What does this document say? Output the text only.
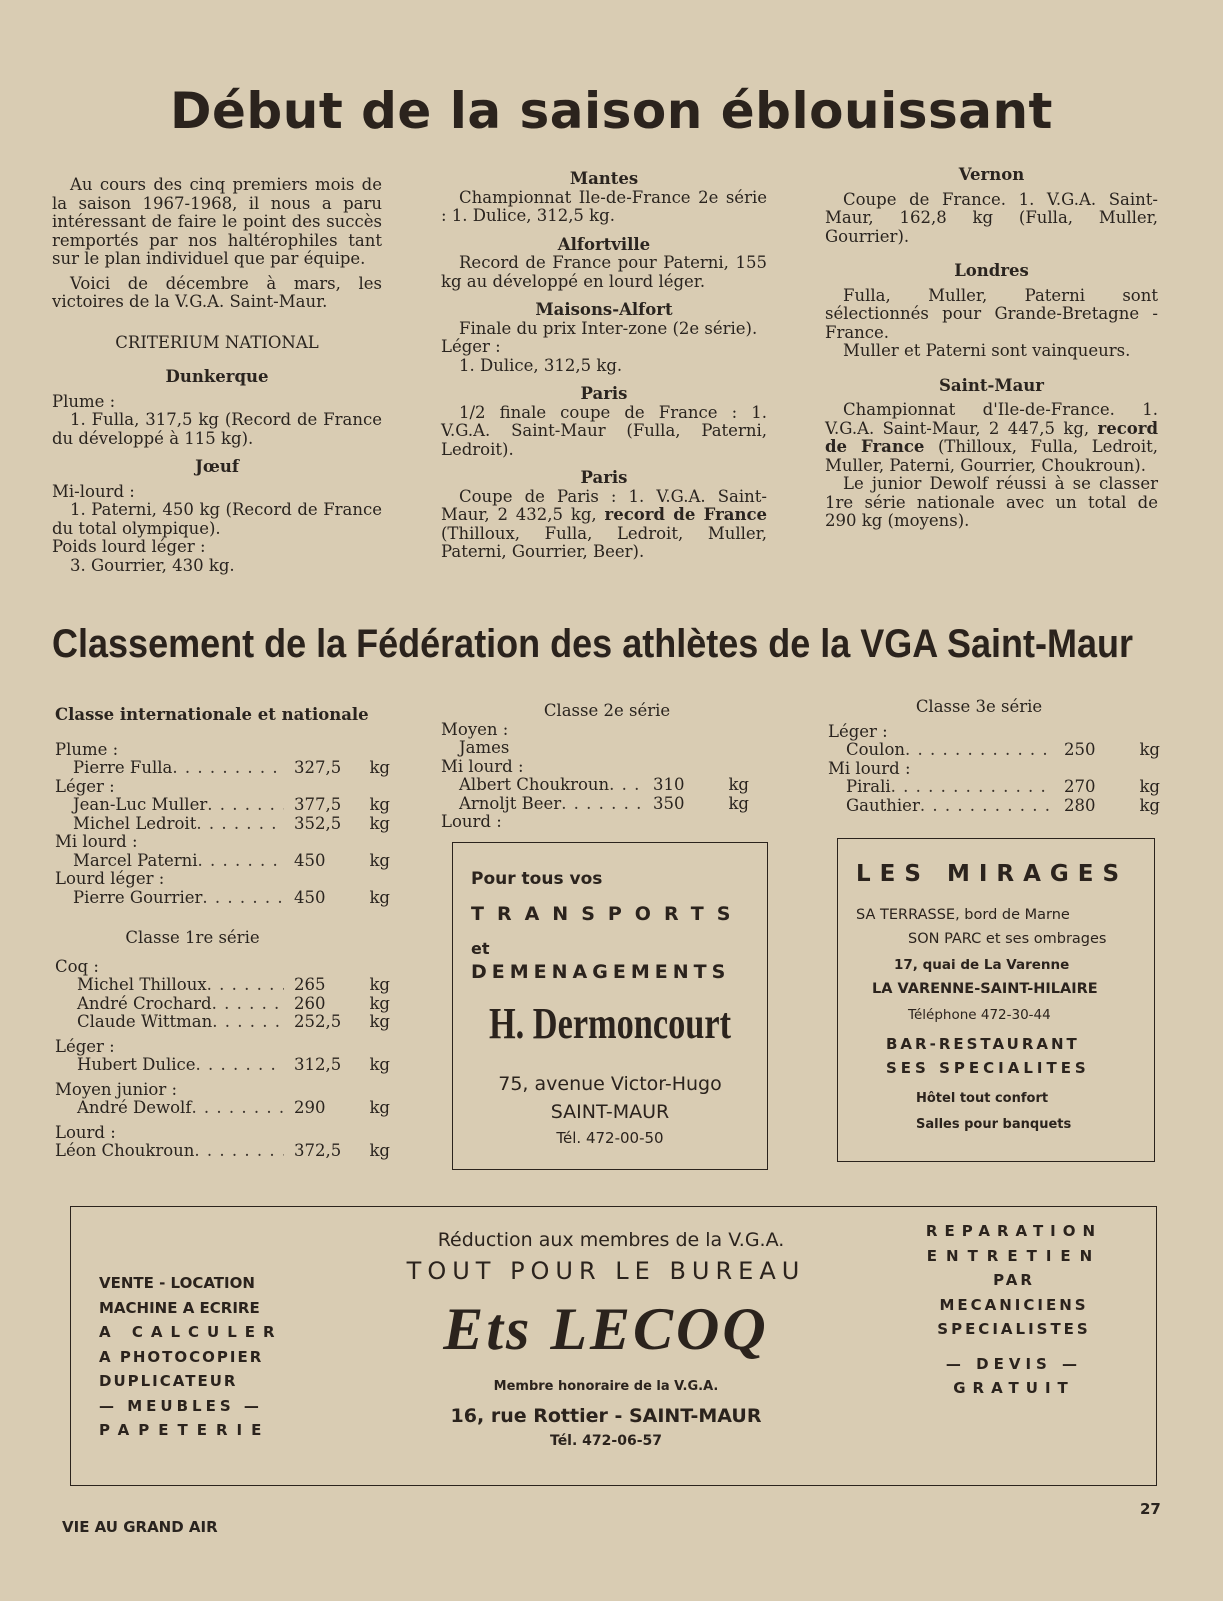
Début de la saison éblouissant

Au cours des cinq premiers mois de la saison 1967-1968, il nous a paru intéressant de faire le point des succès remportés par nos haltérophiles tant sur le plan individuel que par équipe.

Voici de décembre à mars, les victoires de la V.G.A. Saint-Maur.

CRITERIUM NATIONAL

Dunkerque

Plume :

1. Fulla, 317,5 kg (Record de France du développé à 115 kg).

Jœuf

Mi-lourd :

1. Paterni, 450 kg (Record de France du total olympique).

Poids lourd léger :

3. Gourrier, 430 kg.

Mantes

Championnat Ile-de-France 2e série : 1. Dulice, 312,5 kg.

Alfortville

Record de France pour Paterni, 155 kg au développé en lourd léger.

Maisons-Alfort

Finale du prix Inter-zone (2e série).

Léger :

1. Dulice, 312,5 kg.

Paris

1/2 finale coupe de France : 1. V.G.A. Saint-Maur (Fulla, Paterni, Ledroit).

Paris

Coupe de Paris : 1. V.G.A. Saint-Maur, 2 432,5 kg, record de France (Thilloux, Fulla, Ledroit, Muller, Paterni, Gourrier, Beer).

Vernon

Coupe de France. 1. V.G.A. Saint-Maur, 162,8 kg (Fulla, Muller, Gourrier).

Londres

Fulla, Muller, Paterni sont sélectionnés pour Grande-Bretagne - France.

Muller et Paterni sont vainqueurs.

Saint-Maur

Championnat d'Ile-de-France. 1. V.G.A. Saint-Maur, 2 447,5 kg, record de France (Thilloux, Fulla, Ledroit, Muller, Paterni, Gourrier, Choukroun).

Le junior Dewolf réussi à se classer 1re série nationale avec un total de 290 kg (moyens).

Classement de la Fédération des athlètes de la VGA Saint-Maur

Classe internationale et nationale

Plume :

Pierre Fulla . . .	327,5	kg

Léger :

Jean-Luc Muller . . .	377,5	kg
Michel Ledroit . . .	352,5	kg

Mi lourd :

Marcel Paterni . . .	450	kg

Lourd léger :

Pierre Gourrier . . .	450	kg

Classe 1re série

Coq :

Michel Thilloux . . .	265	kg
André Crochard . . .	260	kg
Claude Wittman . . .	252,5	kg

Léger :

Hubert Dulice . . .	312,5	kg

Moyen junior :

André Dewolf . . .	290	kg

Lourd :

Léon Choukroun . . .	372,5	kg

Classe 2e série

Moyen :

James

Mi lourd :

Albert Choukroun . . .	310	kg
Arnoljt Beer . . .	350	kg

Lourd :

Classe 3e série

Léger :

Coulon . . .	250	kg

Mi lourd :

Pirali . . .	270	kg
Gauthier . . .	280	kg

Pour tous vos

TRANSPORTS

et

DEMENAGEMENTS

H. Dermoncourt

75, avenue Victor-Hugo

SAINT-MAUR

Tél. 472-00-50

LES MIRAGES

SA TERRASSE, bord de Marne

SON PARC et ses ombrages

17, quai de La Varenne

LA VARENNE-SAINT-HILAIRE

Téléphone 472-30-44

BAR-RESTAURANT

SES SPECIALITES

Hôtel tout confort

Salles pour banquets

VENTE - LOCATION

MACHINE A ECRIRE

A CALCULER

A PHOTOCOPIER

DUPLICATEUR

— MEUBLES —

PAPETERIE

Réduction aux membres de la V.G.A.

TOUT POUR LE BUREAU

Ets LECOQ

Membre honoraire de la V.G.A.

16, rue Rottier - SAINT-MAUR

Tél. 472-06-57

REPARATION

ENTRETIEN

PAR

MECANICIENS

SPECIALISTES

— DEVIS —

GRATUIT

VIE AU GRAND AIR
27
